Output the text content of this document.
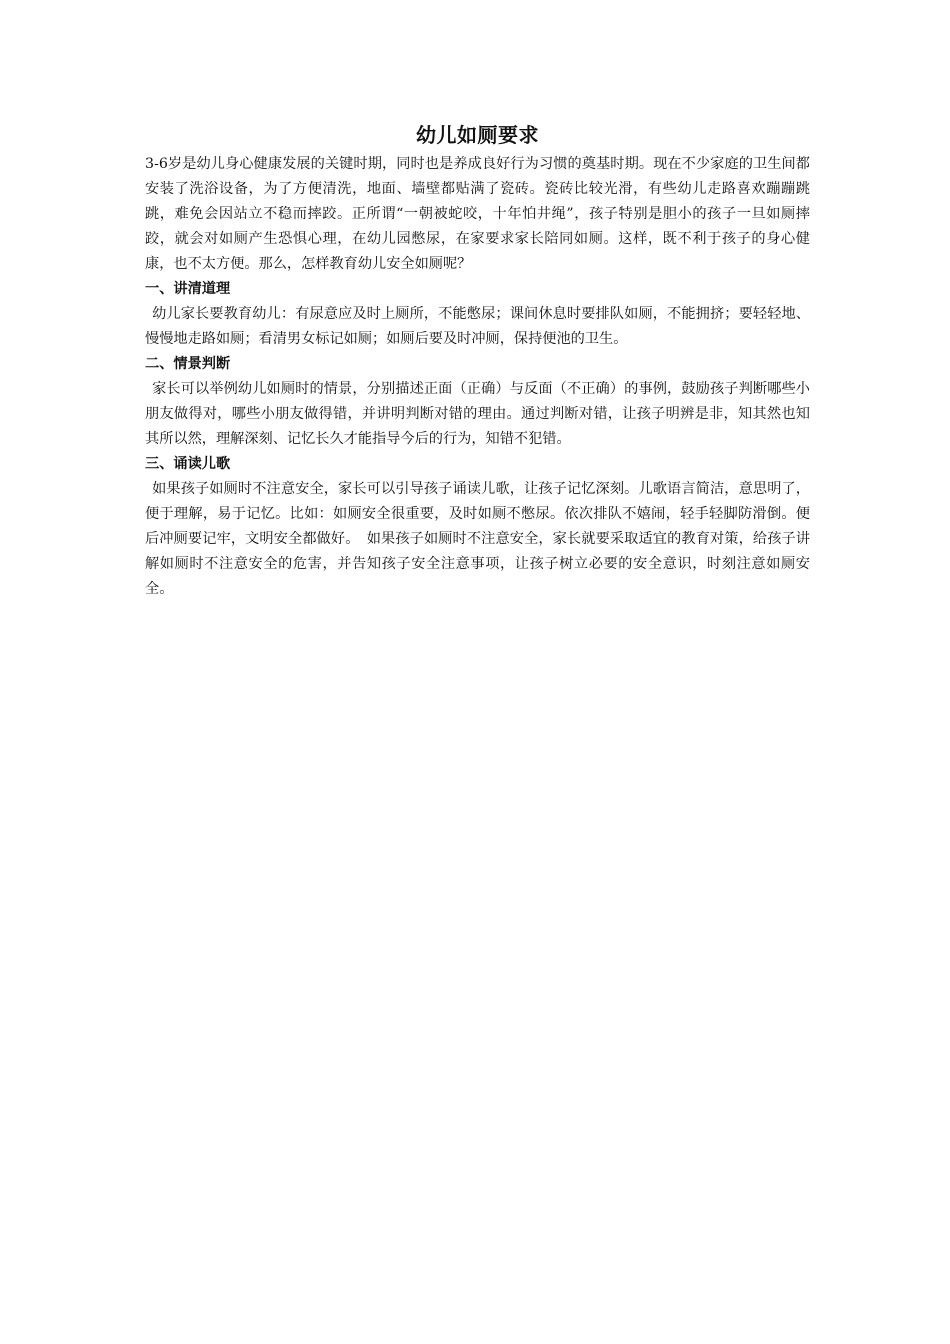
幼儿如厕要求

3-6岁是幼儿身心健康发展的关键时期，同时也是养成良好行为习惯的奠基时期。现在不少家庭的卫生间都安装了洗浴设备，为了方便清洗，地面、墙壁都贴满了瓷砖。瓷砖比较光滑，有些幼儿走路喜欢蹦蹦跳跳，难免会因站立不稳而摔跤。正所谓“一朝被蛇咬，十年怕井绳”，孩子特别是胆小的孩子一旦如厕摔跤，就会对如厕产生恐惧心理，在幼儿园憋尿，在家要求家长陪同如厕。这样，既不利于孩子的身心健康，也不太方便。那么，怎样教育幼儿安全如厕呢？

一、讲清道理

幼儿家长要教育幼儿：有尿意应及时上厕所，不能憋尿；课间休息时要排队如厕，不能拥挤；要轻轻地、慢慢地走路如厕；看清男女标记如厕；如厕后要及时冲厕，保持便池的卫生。

二、情景判断

家长可以举例幼儿如厕时的情景，分别描述正面（正确）与反面（不正确）的事例，鼓励孩子判断哪些小朋友做得对，哪些小朋友做得错，并讲明判断对错的理由。通过判断对错，让孩子明辨是非，知其然也知其所以然，理解深刻、记忆长久才能指导今后的行为，知错不犯错。

三、诵读儿歌

如果孩子如厕时不注意安全，家长可以引导孩子诵读儿歌，让孩子记忆深刻。儿歌语言简洁，意思明了，便于理解，易于记忆。比如：如厕安全很重要，及时如厕不憋尿。依次排队不嬉闹，轻手轻脚防滑倒。便后冲厕要记牢，文明安全都做好。　如果孩子如厕时不注意安全，家长就要采取适宜的教育对策，给孩子讲解如厕时不注意安全的危害，并告知孩子安全注意事项，让孩子树立必要的安全意识，时刻注意如厕安全。
